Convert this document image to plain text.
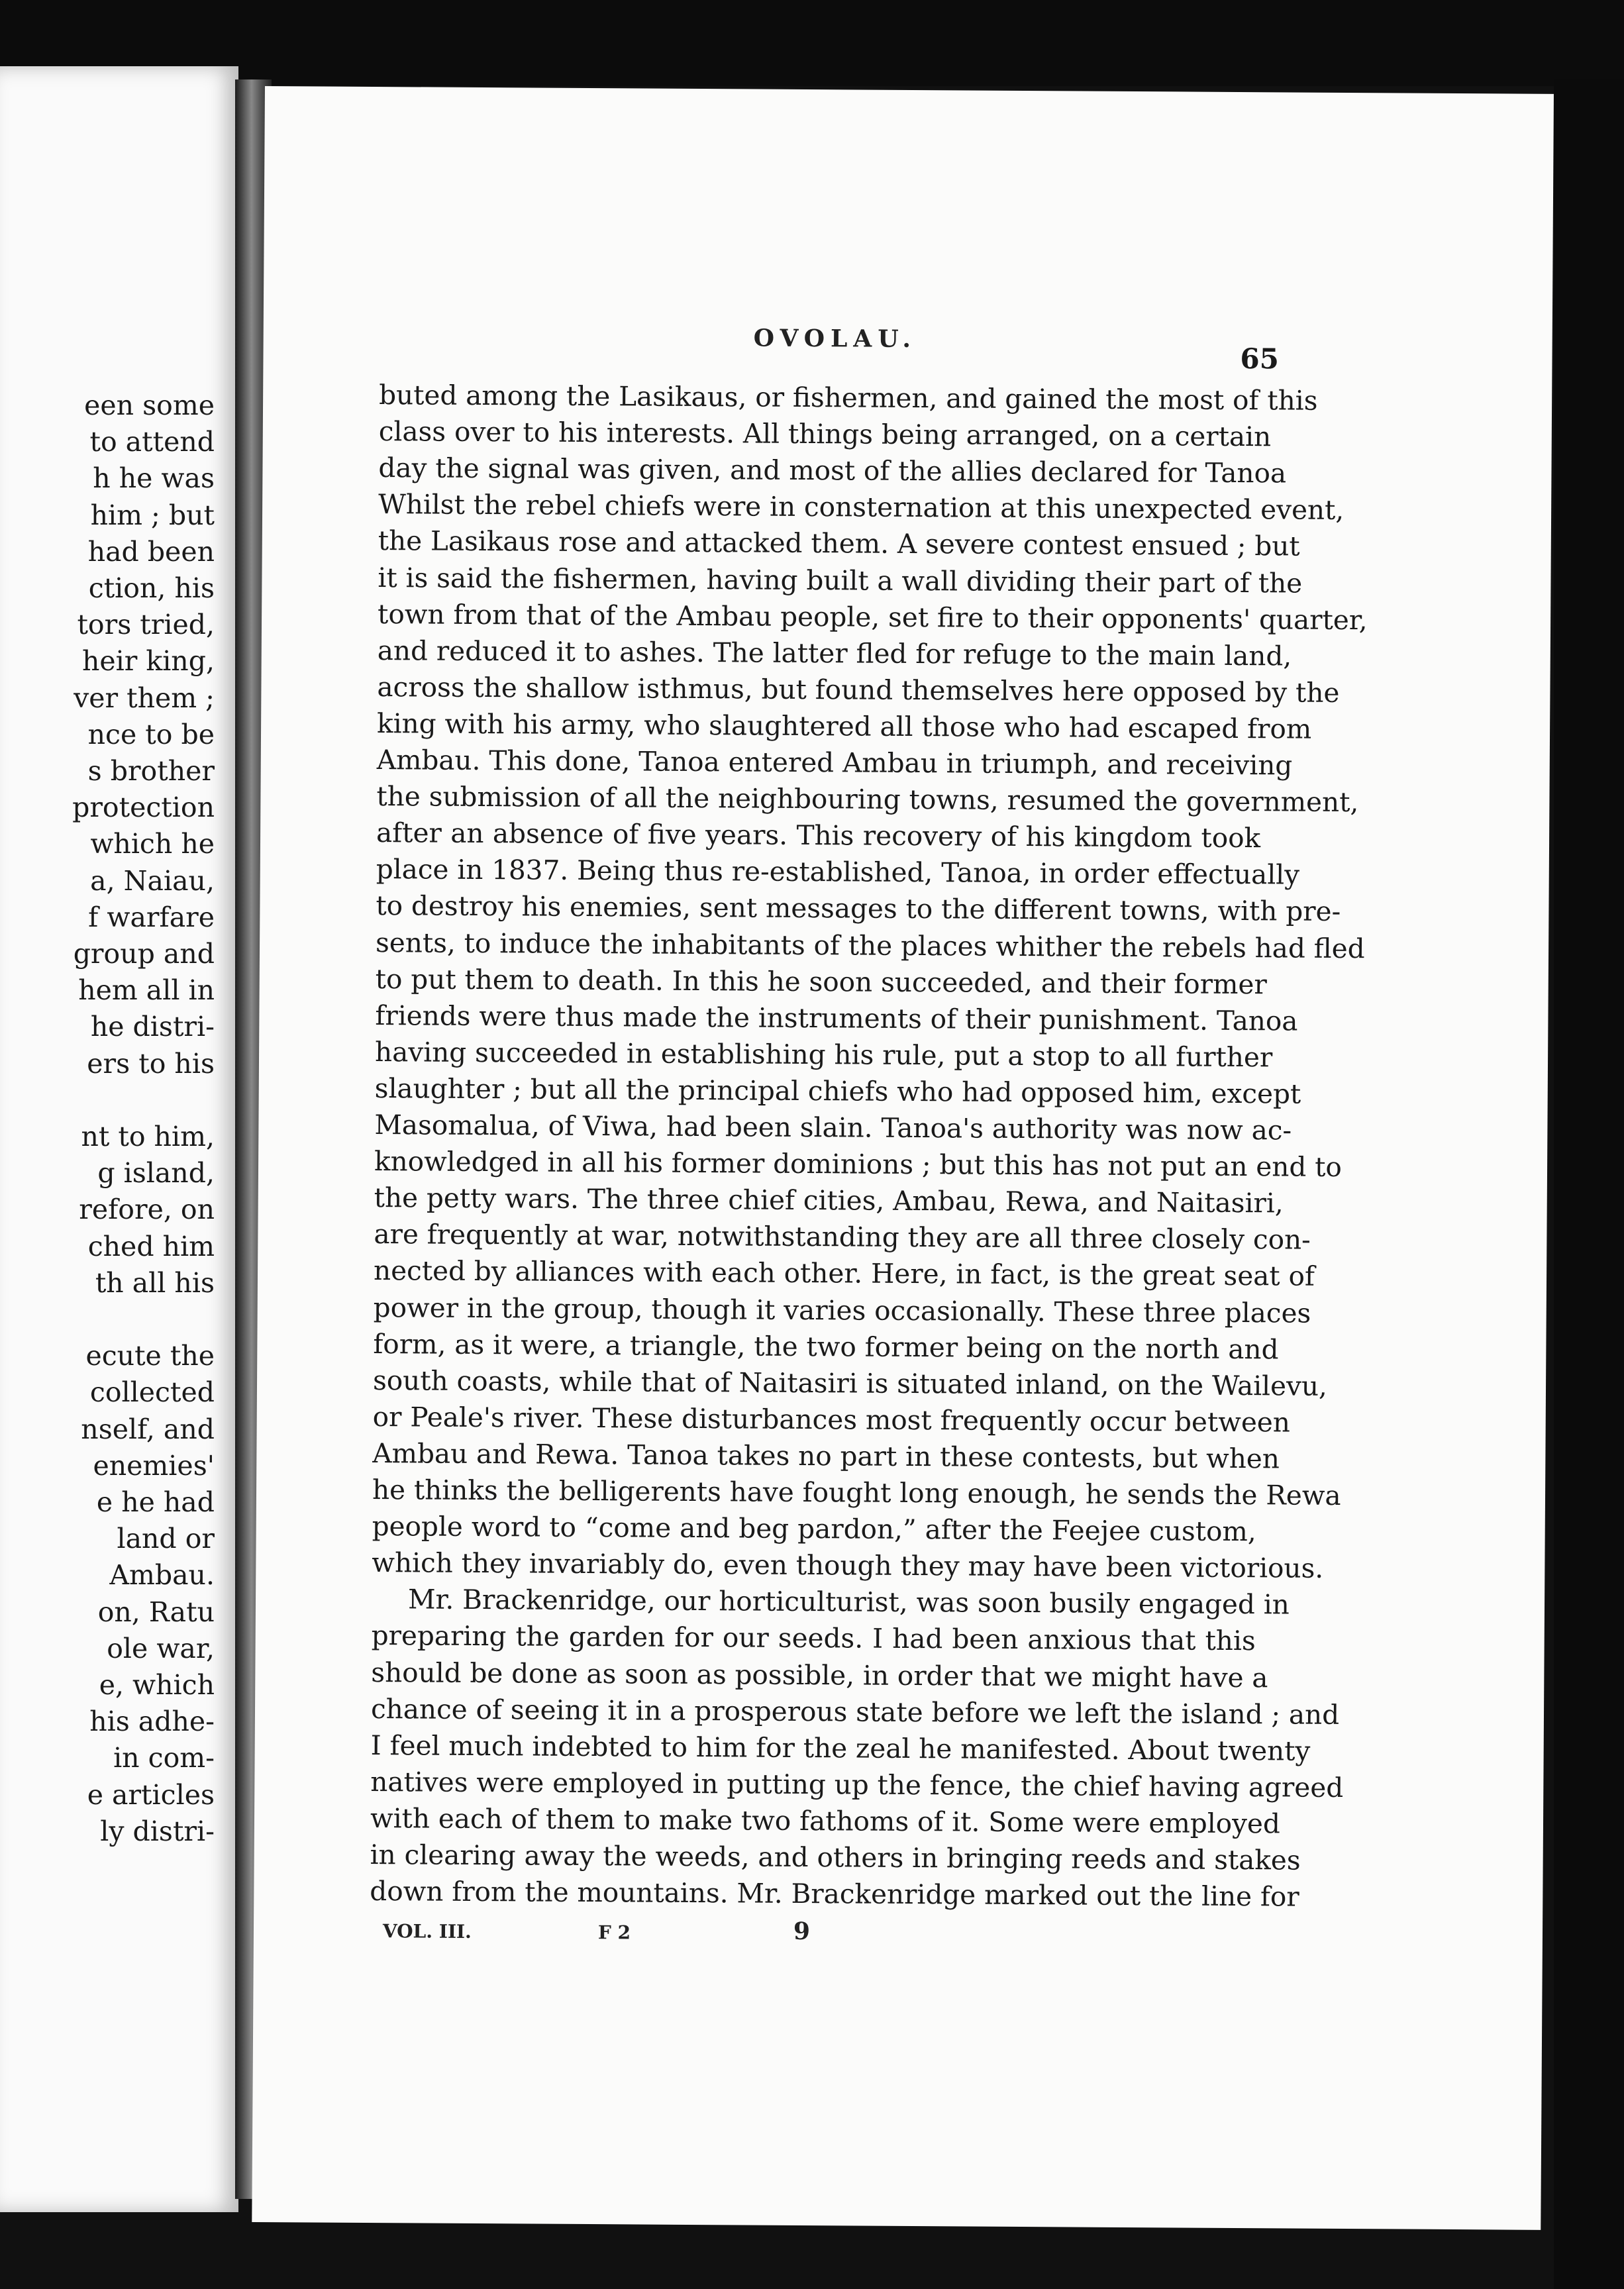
een some
to attend
h he was
him ; but
had been
ction, his
tors tried,
heir king,
ver them ;
nce to be
s brother
protection
which he
a, Naiau,
f warfare
group and
hem all in
he distri-
ers to his
nt to him,
g island,
refore, on
ched him
th all his
ecute the
collected
nself, and
enemies'
e he had
land or
Ambau.
on, Ratu
ole war,
e, which
his adhe-
in com-
e articles
ly distri-
OVOLAU.
65
VOL. III.	F 2	9
buted among the Lasikaus, or fishermen, and gained the most of this
class over to his interests. All things being arranged, on a certain
day the signal was given, and most of the allies declared for Tanoa
Whilst the rebel chiefs were in consternation at this unexpected event,
the Lasikaus rose and attacked them. A severe contest ensued ; but
it is said the fishermen, having built a wall dividing their part of the
town from that of the Ambau people, set fire to their opponents' quarter,
and reduced it to ashes. The latter fled for refuge to the main land,
across the shallow isthmus, but found themselves here opposed by the
king with his army, who slaughtered all those who had escaped from
Ambau. This done, Tanoa entered Ambau in triumph, and receiving
the submission of all the neighbouring towns, resumed the government,
after an absence of five years. This recovery of his kingdom took
place in 1837. Being thus re-established, Tanoa, in order effectually
to destroy his enemies, sent messages to the different towns, with pre-
sents, to induce the inhabitants of the places whither the rebels had fled
to put them to death. In this he soon succeeded, and their former
friends were thus made the instruments of their punishment. Tanoa
having succeeded in establishing his rule, put a stop to all further
slaughter ; but all the principal chiefs who had opposed him, except
Masomalua, of Viwa, had been slain. Tanoa's authority was now ac-
knowledged in all his former dominions ; but this has not put an end to
the petty wars. The three chief cities, Ambau, Rewa, and Naitasiri,
are frequently at war, notwithstanding they are all three closely con-
nected by alliances with each other. Here, in fact, is the great seat of
power in the group, though it varies occasionally. These three places
form, as it were, a triangle, the two former being on the north and
south coasts, while that of Naitasiri is situated inland, on the Wailevu,
or Peale's river. These disturbances most frequently occur between
Ambau and Rewa. Tanoa takes no part in these contests, but when
he thinks the belligerents have fought long enough, he sends the Rewa
people word to “come and beg pardon,” after the Feejee custom,
which they invariably do, even though they may have been victorious.
Mr. Brackenridge, our horticulturist, was soon busily engaged in
preparing the garden for our seeds. I had been anxious that this
should be done as soon as possible, in order that we might have a
chance of seeing it in a prosperous state before we left the island ; and
I feel much indebted to him for the zeal he manifested. About twenty
natives were employed in putting up the fence, the chief having agreed
with each of them to make two fathoms of it. Some were employed
in clearing away the weeds, and others in bringing reeds and stakes
down from the mountains. Mr. Brackenridge marked out the line for
